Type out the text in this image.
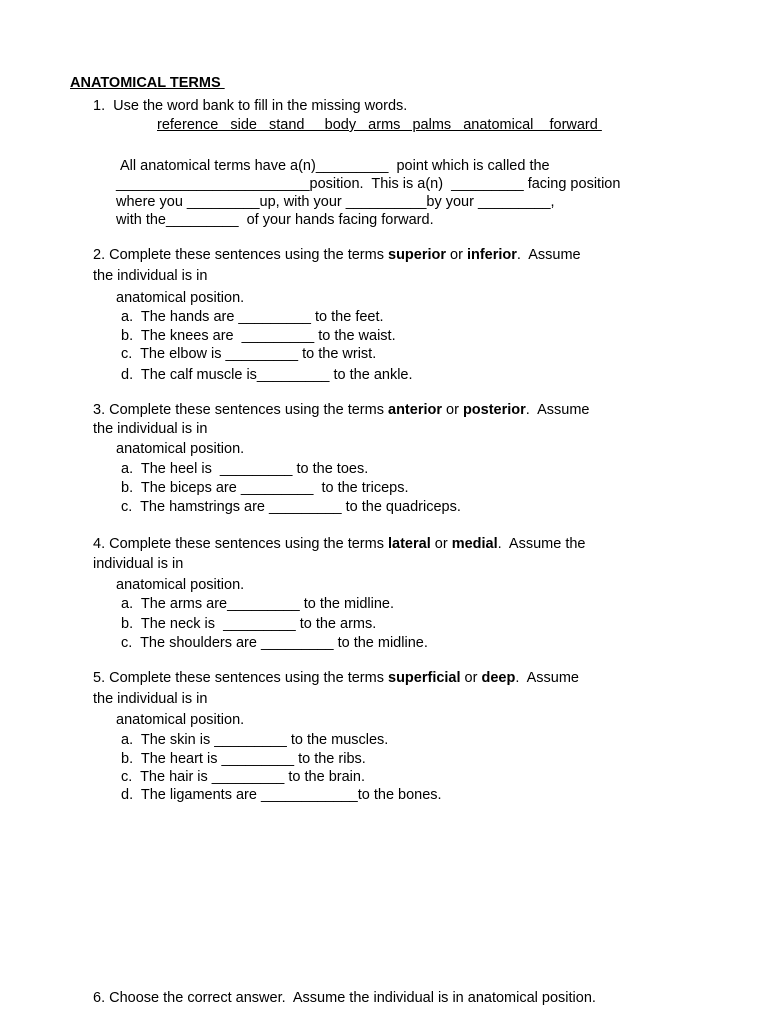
ANATOMICAL TERMS
1.  Use the word bank to fill in the missing words.
reference   side   stand     body   arms   palms   anatomical    forward
All anatomical terms have a(n)_________  point which is called the
________________________position.  This is a(n)  _________ facing position
where you _________up, with your __________by your _________,
with the_________  of your hands facing forward.
2. Complete these sentences using the terms superior or inferior.  Assume
the individual is in
anatomical position.
a.  The hands are _________ to the feet.
b.  The knees are  _________ to the waist.
c.  The elbow is _________ to the wrist.
d.  The calf muscle is_________ to the ankle.
3. Complete these sentences using the terms anterior or posterior.  Assume
the individual is in
anatomical position.
a.  The heel is  _________ to the toes.
b.  The biceps are _________  to the triceps.
c.  The hamstrings are _________ to the quadriceps.
4. Complete these sentences using the terms lateral or medial.  Assume the
individual is in
anatomical position.
a.  The arms are_________ to the midline.
b.  The neck is  _________ to the arms.
c.  The shoulders are _________ to the midline.
5. Complete these sentences using the terms superficial or deep.  Assume
the individual is in
anatomical position.
a.  The skin is _________ to the muscles.
b.  The heart is _________ to the ribs.
c.  The hair is _________ to the brain.
d.  The ligaments are ____________to the bones.
6. Choose the correct answer.  Assume the individual is in anatomical position.
